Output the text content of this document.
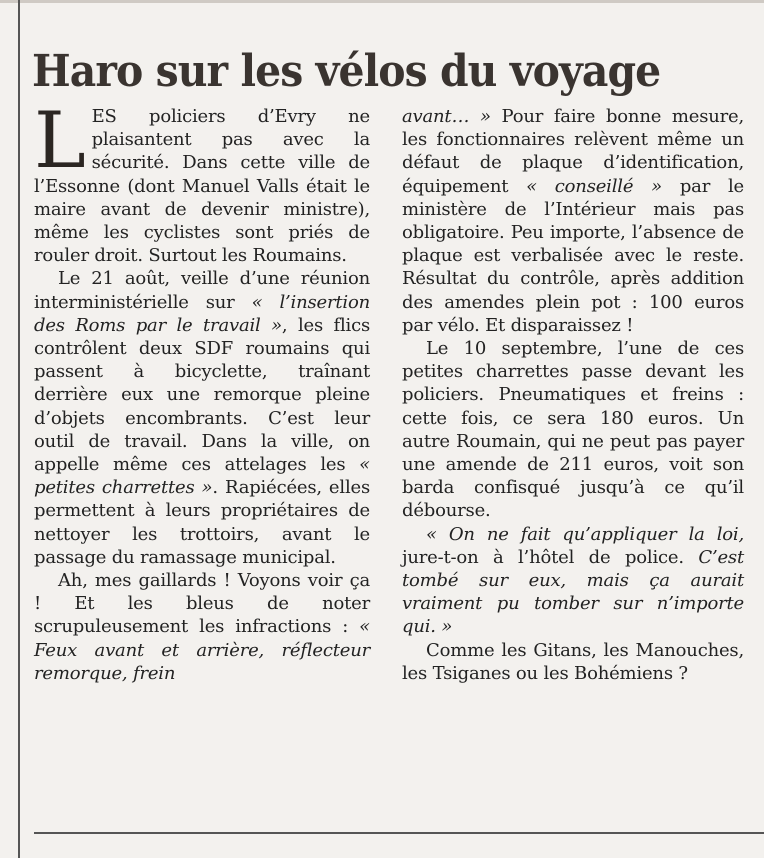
Haro sur les vélos du voyage

LES policiers d’Evry ne plaisantent pas avec la sécurité. Dans cette ville de l’Essonne (dont Manuel Valls était le maire avant de devenir ministre), même les cyclistes sont priés de rouler droit. Surtout les Roumains.

Le 21 août, veille d’une réunion interministérielle sur « l’insertion des Roms par le travail », les flics contrôlent deux SDF roumains qui passent à bicyclette, traînant derrière eux une remorque pleine d’objets encombrants. C’est leur outil de travail. Dans la ville, on appelle même ces attelages les « petites charrettes ». Rapiécées, elles permettent à leurs propriétaires de nettoyer les trottoirs, avant le passage du ramassage municipal.

Ah, mes gaillards ! Voyons voir ça ! Et les bleus de noter scrupuleusement les infractions : « Feux avant et arrière, réflecteur remorque, frein

avant… » Pour faire bonne mesure, les fonctionnaires relèvent même un défaut de plaque d’identification, équipement « conseillé » par le ministère de l’Intérieur mais pas obligatoire. Peu importe, l’absence de plaque est verbalisée avec le reste. Résultat du contrôle, après addition des amendes plein pot : 100 euros par vélo. Et disparaissez !

Le 10 septembre, l’une de ces petites charrettes passe devant les policiers. Pneumatiques et freins : cette fois, ce sera 180 euros. Un autre Roumain, qui ne peut pas payer une amende de 211 euros, voit son barda confisqué jusqu’à ce qu’il débourse.

« On ne fait qu’appliquer la loi, jure-t-on à l’hôtel de police. C’est tombé sur eux, mais ça aurait vraiment pu tomber sur n’importe qui. »

Comme les Gitans, les Manouches, les Tsiganes ou les Bohémiens ?
